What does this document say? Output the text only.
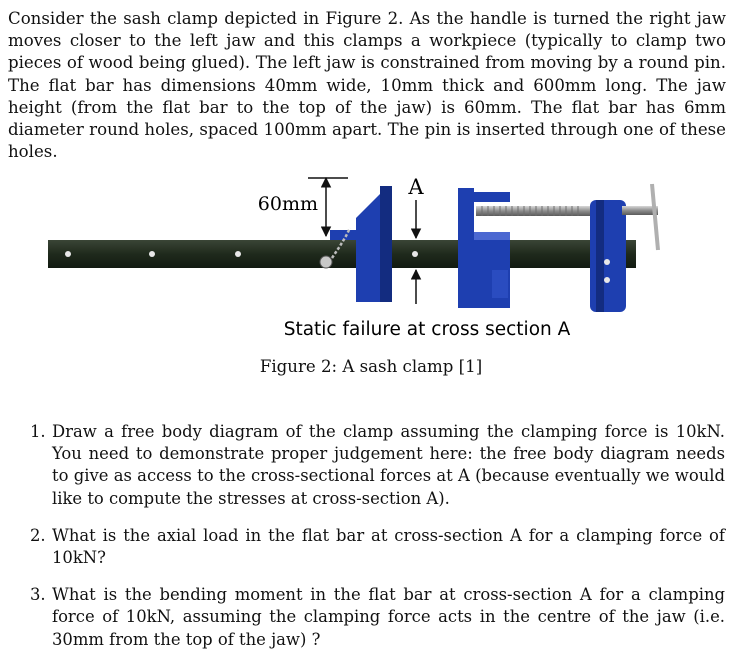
Consider the sash clamp depicted in Figure 2. As the handle is turned the right jaw moves closer to the left jaw and this clamps a workpiece (typically to clamp two pieces of wood being glued). The left jaw is constrained from moving by a round pin. The flat bar has dimensions 40mm wide, 10mm thick and 600mm long. The jaw height (from the flat bar to the top of the jaw) is 60mm. The flat bar has 6mm diameter round holes, spaced 100mm apart. The pin is inserted through one of these holes.
60mm
A
Static failure at cross section A
Figure 2: A sash clamp [1]
1. Draw a free body diagram of the clamp assuming the clamping force is 10kN. You need to demonstrate proper judgement here: the free body diagram needs to give as access to the cross-sectional forces at A (because eventually we would like to compute the stresses at cross-section A).
2. What is the axial load in the flat bar at cross-section A for a clamping force of 10kN?
3. What is the bending moment in the flat bar at cross-section A for a clamping force of 10kN, assuming the clamping force acts in the centre of the jaw (i.e. 30mm from the top of the jaw) ?
